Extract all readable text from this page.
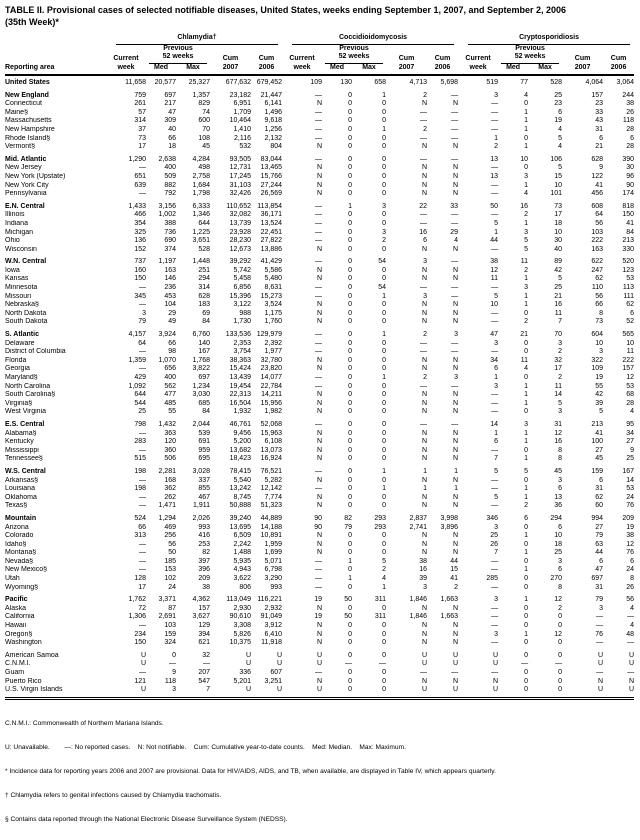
TABLE II. Provisional cases of selected notifiable diseases, United States, weeks ending September 1, 2007, and September 2, 2006
(35th Week)*
Reporting area	Chlamydia†					Coccidioidomycosis					Cryptosporidiosis				

Current
week

Previous
52 weeks	Cum
2007

Cum
2006

Current
week

Previous
52 weeks	Cum
2007

Cum
2006

Current
week

Previous
52 weeks	Cum
2007

Cum
2006

		Med	Max				Med	Max				Med	Max		
United States	11,658	20,577	25,327	677,632	679,452	109	130	658	4,713	5,698	519	77	528	4,064	3,064
New England	759	697	1,357	23,182	21,447	—	0	1	2	—	3	4	25	157	244
Connecticut	261	217	829	6,951	6,141	N	0	0	N	N	—	0	23	23	38
Maine§	57	47	74	1,709	1,496	—	0	0	—	—	—	1	6	33	26
Massachusetts	314	309	600	10,464	9,618	—	0	0	—	—	—	1	19	43	118
New Hampshire	37	40	70	1,410	1,256	—	0	1	2	—	—	1	4	31	28
Rhode Island§	73	66	108	2,116	2,132	—	0	0	—	—	1	0	5	6	6
Vermont§	17	18	45	532	804	N	0	0	N	N	2	1	4	21	28
Mid. Atlantic	1,290	2,638	4,284	93,505	83,044	—	0	0	—	—	13	10	106	628	390
New Jersey	—	400	498	12,731	13,465	N	0	0	N	N	—	0	5	9	30
New York (Upstate)	651	509	2,758	17,245	15,766	N	0	0	N	N	13	3	15	122	96
New York City	639	882	1,684	31,103	27,244	N	0	0	N	N	—	1	10	41	90
Pennsylvania	—	792	1,798	32,426	26,569	N	0	0	N	N	—	4	101	456	174
E.N. Central	1,433	3,156	6,333	110,652	113,854	—	1	3	22	33	50	16	73	608	818
Illinois	466	1,002	1,346	32,082	36,171	—	0	0	—	—	—	2	17	64	150
Indiana	354	388	644	13,739	13,524	—	0	0	—	—	5	1	18	56	41
Michigan	325	736	1,225	23,928	22,451	—	0	3	16	29	1	3	10	103	84
Ohio	136	690	3,651	28,230	27,822	—	0	2	6	4	44	5	30	222	213
Wisconsin	152	374	528	12,673	13,886	N	0	0	N	N	—	5	40	163	330
W.N. Central	737	1,197	1,448	39,292	41,429	—	0	54	3	—	38	11	89	622	520
Iowa	160	163	251	5,742	5,586	N	0	0	N	N	12	2	42	247	123
Kansas	150	146	294	5,458	5,480	N	0	0	N	N	11	1	5	62	53
Minnesota	—	236	314	6,856	8,631	—	0	54	—	—	—	3	25	110	113
Missouri	345	453	628	15,396	15,273	—	0	1	3	—	5	1	21	56	111
Nebraska§	—	104	183	3,122	3,524	N	0	0	N	N	10	1	16	66	62
North Dakota	3	29	69	988	1,175	N	0	0	N	N	—	0	11	8	6
South Dakota	79	49	84	1,730	1,760	N	0	0	N	N	—	2	7	73	52
S. Atlantic	4,157	3,924	6,760	133,536	129,979	—	0	1	2	3	47	21	70	604	565
Delaware	64	66	140	2,353	2,392	—	0	0	—	—	3	0	3	10	10
District of Columbia	—	98	167	3,754	1,977	—	0	0	—	—	—	0	2	3	11
Florida	1,359	1,070	1,768	38,363	32,780	N	0	0	N	N	34	11	32	322	222
Georgia	—	656	3,822	15,424	23,820	N	0	0	N	N	6	4	17	109	157
Maryland§	429	400	697	13,439	14,077	—	0	1	2	3	1	0	2	19	12
North Carolina	1,092	562	1,234	19,454	22,784	—	0	0	—	—	3	1	11	55	53
South Carolina§	644	477	3,030	22,313	14,211	N	0	0	N	N	—	1	14	42	68
Virginia§	544	485	685	16,504	15,956	N	0	0	N	N	—	1	5	39	28
West Virginia	25	55	84	1,932	1,982	N	0	0	N	N	—	0	3	5	4
E.S. Central	798	1,432	2,044	46,761	52,068	—	0	0	—	—	14	3	31	213	95
Alabama§	—	363	539	9,456	15,963	N	0	0	N	N	1	1	12	41	34
Kentucky	283	120	691	5,200	6,108	N	0	0	N	N	6	1	16	100	27
Mississippi	—	360	959	13,682	13,073	N	0	0	N	N	—	0	8	27	9
Tennessee§	515	506	695	18,423	16,924	N	0	0	N	N	7	1	8	45	25
W.S. Central	198	2,281	3,028	78,415	76,521	—	0	1	1	1	5	5	45	159	167
Arkansas§	—	168	337	5,540	5,282	N	0	0	N	N	—	0	3	6	14
Louisiana	198	362	855	13,242	12,142	—	0	1	1	1	—	1	6	31	53
Oklahoma	—	262	467	8,745	7,774	N	0	0	N	N	5	1	13	62	24
Texas§	—	1,471	1,911	50,888	51,323	N	0	0	N	N	—	2	36	60	76
Mountain	524	1,294	2,026	39,240	44,889	90	82	293	2,837	3,998	346	6	294	994	209
Arizona	66	469	993	13,695	14,188	90	79	293	2,741	3,896	3	0	6	27	19
Colorado	313	256	416	6,509	10,891	N	0	0	N	N	25	1	10	79	38
Idaho§	—	56	253	2,242	1,959	N	0	0	N	N	26	0	18	63	12
Montana§	—	50	82	1,488	1,699	N	0	0	N	N	7	1	25	44	76
Nevada§	—	185	397	5,935	5,071	—	1	5	38	44	—	0	3	6	6
New Mexico§	—	153	396	4,943	6,798	—	0	2	16	15	—	1	6	47	24
Utah	128	102	209	3,622	3,290	—	1	4	39	41	285	0	270	697	8
Wyoming§	17	24	38	806	993	—	0	1	3	2	—	0	8	31	26
Pacific	1,762	3,371	4,362	113,049	116,221	19	50	311	1,846	1,663	3	1	12	79	56
Alaska	72	87	157	2,930	2,932	N	0	0	N	N	—	0	2	3	4
California	1,306	2,691	3,627	90,610	91,049	19	50	311	1,846	1,663	—	0	0	—	—
Hawaii	—	103	129	3,308	3,912	N	0	0	N	N	—	0	0	—	4
Oregon§	234	159	394	5,826	6,410	N	0	0	N	N	3	1	12	76	48
Washington	150	324	621	10,375	11,918	N	0	0	N	N	—	0	0	—	—
American Samoa	U	0	32	U	U	U	0	0	U	U	U	0	0	U	U
C.N.M.I.	U	—	—	U	U	U	—	—	U	U	U	—	—	U	U
Guam	—	9	207	336	607	—	0	0	—	—	—	0	0	—	—
Puerto Rico	121	118	547	5,201	3,251	N	0	0	N	N	N	0	0	N	N
U.S. Virgin Islands	U	3	7	U	U	U	0	0	U	U	U	0	0	U	U

C.N.M.I.: Commonwealth of Northern Mariana Islands.

U: Unavailable.        —: No reported cases.    N: Not notifiable.    Cum: Cumulative year-to-date counts.    Med: Median.    Max: Maximum.

* Incidence data for reporting years 2006 and 2007 are provisional. Data for HIV/AIDS, AIDS, and TB, when available, are displayed in Table IV, which appears quarterly.

† Chlamydia refers to genital infections caused by Chlamydia trachomatis.

§ Contains data reported through the National Electronic Disease Surveillance System (NEDSS).
